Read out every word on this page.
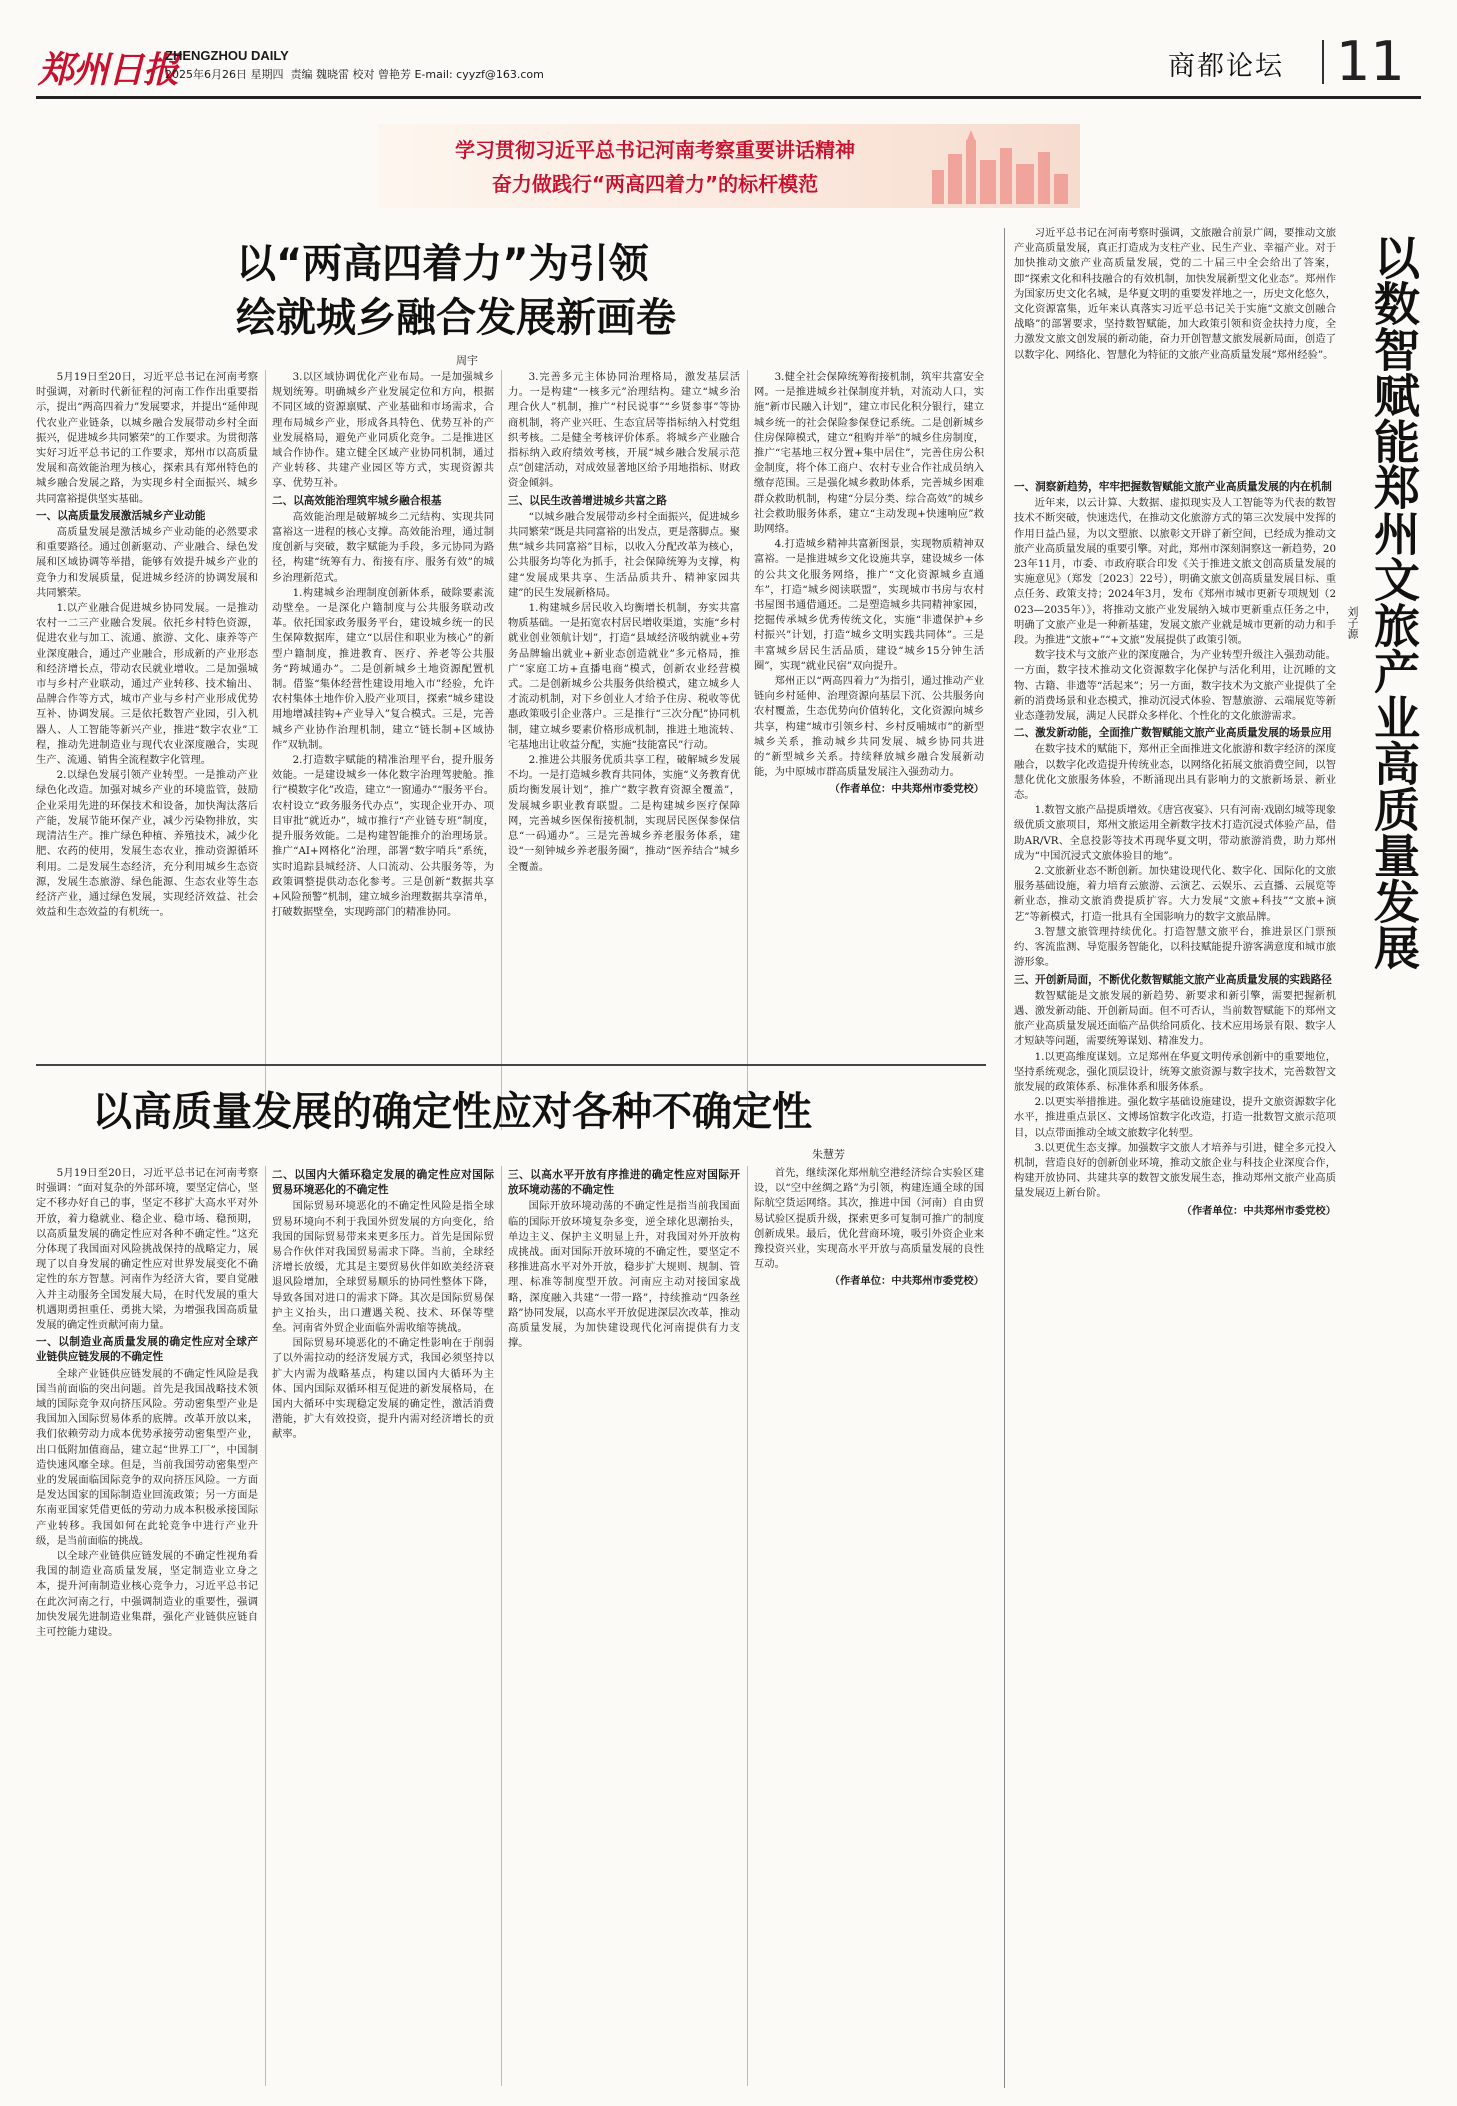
郑州日报
ZHENGZHOU DAILY
2025年6月26日 星期四 责编 魏晓雷 校对 曾艳芳 E-mail: cyyzf@163.com	商都论坛 11
学习贯彻习近平总书记河南考察重要讲话精神
奋力做践行“两高四着力”的标杆模范
以“两高四着力”为引领
绘就城乡融合发展新画卷
周宇

5月19日至20日，习近平总书记在河南考察时强调，对新时代新征程的河南工作作出重要指示，提出“两高四着力”发展要求，并提出“延伸现代农业产业链条，以城乡融合发展带动乡村全面振兴，促进城乡共同繁荣”的工作要求。为贯彻落实好习近平总书记的工作要求，郑州市以高质量发展和高效能治理为核心，探索具有郑州特色的城乡融合发展之路，为实现乡村全面振兴、城乡共同富裕提供坚实基础。

一、以高质量发展激活城乡产业动能

高质量发展是激活城乡产业动能的必然要求和重要路径。通过创新驱动、产业融合、绿色发展和区域协调等举措，能够有效提升城乡产业的竞争力和发展质量，促进城乡经济的协调发展和共同繁荣。

1.以产业融合促进城乡协同发展。一是推动农村一二三产业融合发展。依托乡村特色资源，促进农业与加工、流通、旅游、文化、康养等产业深度融合，通过产业融合，形成新的产业形态和经济增长点，带动农民就业增收。二是加强城市与乡村产业联动，通过产业转移、技术输出、品牌合作等方式，城市产业与乡村产业形成优势互补、协调发展。三是依托数智产业园，引入机器人、人工智能等新兴产业，推进“数字农业”工程，推动先进制造业与现代农业深度融合，实现生产、流通、销售全流程数字化管理。

2.以绿色发展引领产业转型。一是推动产业绿色化改造。加强对城乡产业的环境监管，鼓励企业采用先进的环保技术和设备，加快淘汰落后产能，发展节能环保产业，减少污染物排放，实现清洁生产。推广绿色种植、养殖技术，减少化肥、农药的使用，发展生态农业，推动资源循环利用。二是发展生态经济，充分利用城乡生态资源，发展生态旅游、绿色能源、生态农业等生态经济产业，通过绿色发展，实现经济效益、社会效益和生态效益的有机统一。

3.以区域协调优化产业布局。一是加强城乡规划统筹。明确城乡产业发展定位和方向，根据不同区域的资源禀赋、产业基础和市场需求，合理布局城乡产业，形成各具特色、优势互补的产业发展格局，避免产业同质化竞争。二是推进区域合作协作。建立健全区域产业协同机制，通过产业转移、共建产业园区等方式，实现资源共享、优势互补。

二、以高效能治理筑牢城乡融合根基

高效能治理是破解城乡二元结构、实现共同富裕这一进程的核心支撑。高效能治理，通过制度创新与突破，数字赋能为手段，多元协同为路径，构建“统筹有力、衔接有序、服务有效”的城乡治理新范式。

1.构建城乡治理制度创新体系，破除要素流动壁垒。一是深化户籍制度与公共服务联动改革。依托国家政务服务平台，建设城乡统一的民生保障数据库，建立“以居住和职业为核心”的新型户籍制度，推进教育、医疗、养老等公共服务“跨城通办”。二是创新城乡土地资源配置机制。借鉴“集体经营性建设用地入市”经验，允许农村集体土地作价入股产业项目，探索“城乡建设用地增减挂钩+产业导入”复合模式。三是，完善城乡产业协作治理机制，建立“链长制+区域协作”双轨制。

2.打造数字赋能的精准治理平台，提升服务效能。一是建设城乡一体化数字治理驾驶舱。推行“模数字化”改造，建立“一窗通办”“服务平台。农村设立“政务服务代办点”，实现企业开办、项目审批“就近办”，城市推行“产业链专班”制度，提升服务效能。二是构建智能推介的治理场景。推广“AI+网格化”治理，部署“数字哨兵”系统，实时追踪县城经济、人口流动、公共服务等，为政策调整提供动态化参考。三是创新“数据共享+风险预警”机制，建立城乡治理数据共享清单，打破数据壁垒，实现跨部门的精准协同。

3.完善多元主体协同治理格局，激发基层活力。一是构建“一核多元”治理结构。建立“城乡治理合伙人”机制，推广“村民说事”“乡贤参事”等协商机制，将产业兴旺、生态宜居等指标纳入村党组织考核。二是健全考核评价体系。将城乡产业融合指标纳入政府绩效考核，开展“城乡融合发展示范点”创建活动，对成效显著地区给予用地指标、财政资金倾斜。

三、以民生改善增进城乡共富之路

“以城乡融合发展带动乡村全面振兴，促进城乡共同繁荣”既是共同富裕的出发点，更是落脚点。聚焦“城乡共同富裕”目标，以收入分配改革为核心，公共服务均等化为抓手，社会保障统筹为支撑，构建“发展成果共享、生活品质共升、精神家园共建”的民生发展新格局。

1.构建城乡居民收入均衡增长机制，夯实共富物质基础。一是拓宽农村居民增收渠道，实施“乡村就业创业领航计划”，打造“县域经济吸纳就业+劳务品牌输出就业+新业态创造就业”多元格局，推广“家庭工坊+直播电商”模式，创新农业经营模式。二是创新城乡公共服务供给模式，建立城乡人才流动机制，对下乡创业人才给予住房、税收等优惠政策吸引企业落户。三是推行“三次分配”协同机制，建立城乡要素价格形成机制，推进土地流转、宅基地出让收益分配，实施“技能富民”行动。

2.推进公共服务优质共享工程，破解城乡发展不均。一是打造城乡教育共同体，实施“义务教育优质均衡发展计划”，推广“数字教育资源全覆盖”，发展城乡职业教育联盟。二是构建城乡医疗保障网，完善城乡医保衔接机制，实现居民医保参保信息“一码通办”。三是完善城乡养老服务体系，建设“一刻钟城乡养老服务圈”，推动“医养结合”城乡全覆盖。

3.健全社会保障统筹衔接机制，筑牢共富安全网。一是推进城乡社保制度并轨，对流动人口，实施“新市民融入计划”，建立市民化积分银行，建立城乡统一的社会保险参保登记系统。二是创新城乡住房保障模式，建立“租购并举”的城乡住房制度，推广“宅基地三权分置+集中居住”，完善住房公积金制度，将个体工商户、农村专业合作社成员纳入缴存范围。三是强化城乡救助体系，完善城乡困难群众救助机制，构建“分层分类、综合高效”的城乡社会救助服务体系，建立“主动发现+快速响应”救助网络。

4.打造城乡精神共富新图景，实现物质精神双富裕。一是推进城乡文化设施共享，建设城乡一体的公共文化服务网络，推广“文化资源城乡直通车”，打造“城乡阅读联盟”，实现城市书房与农村书屋图书通借通还。二是塑造城乡共同精神家园，挖掘传承城乡优秀传统文化，实施“非遗保护+乡村振兴”计划，打造“城乡文明实践共同体”。三是丰富城乡居民生活品质，建设“城乡15分钟生活圈”，实现“就业民宿”双向提升。

郑州正以“两高四着力”为指引，通过推动产业链向乡村延伸、治理资源向基层下沉、公共服务向农村覆盖，生态优势向价值转化，文化资源向城乡共享，构建“城市引领乡村、乡村反哺城市”的新型城乡关系，推动城乡共同发展、城乡协同共进的“新型城乡关系。持续释放城乡融合发展新动能，为中原城市群高质量发展注入强劲动力。

（作者单位：中共郑州市委党校）
以高质量发展的确定性应对各种不确定性
朱慧芳

5月19日至20日，习近平总书记在河南考察时强调：“面对复杂的外部环境，要坚定信心，坚定不移办好自己的事，坚定不移扩大高水平对外开放，着力稳就业、稳企业、稳市场、稳预期，以高质量发展的确定性应对各种不确定性。”这充分体现了我国面对风险挑战保持的战略定力，展现了以自身发展的确定性应对世界发展变化不确定性的东方智慧。河南作为经济大省，要自觉融入并主动服务全国发展大局，在时代发展的重大机遇期勇担重任、勇挑大梁，为增强我国高质量发展的确定性贡献河南力量。

一、以制造业高质量发展的确定性应对全球产业链供应链发展的不确定性

全球产业链供应链发展的不确定性风险是我国当前面临的突出问题。首先是我国战略技术领域的国际竞争双向挤压风险。劳动密集型产业是我国加入国际贸易体系的底牌。改革开放以来，我们依赖劳动力成本优势承接劳动密集型产业，出口低附加值商品，建立起“世界工厂”，中国制造快速风靡全球。但是，当前我国劳动密集型产业的发展面临国际竞争的双向挤压风险。一方面是发达国家的国际制造业回流政策；另一方面是东南亚国家凭借更低的劳动力成本积极承接国际产业转移。我国如何在此轮竞争中进行产业升级，是当前面临的挑战。

以全球产业链供应链发展的不确定性视角看我国的制造业高质量发展，坚定制造业立身之本，提升河南制造业核心竞争力，习近平总书记在此次河南之行，中强调制造业的重要性，强调加快发展先进制造业集群，强化产业链供应链自主可控能力建设。

二、以国内大循环稳定发展的确定性应对国际贸易环境恶化的不确定性

国际贸易环境恶化的不确定性风险是指全球贸易环境向不利于我国外贸发展的方向变化，给我国的国际贸易带来来更多压力。首先是国际贸易合作伙伴对我国贸易需求下降。当前，全球经济增长放缓，尤其是主要贸易伙伴如欧美经济衰退风险增加，全球贸易顺乐的协同性整体下降，导致各国对进口的需求下降。其次是国际贸易保护主义抬头，出口遭遇关税、技术、环保等壁垒。河南省外贸企业面临外需收缩等挑战。

国际贸易环境恶化的不确定性影响在于削弱了以外需拉动的经济发展方式，我国必须坚持以扩大内需为战略基点，构建以国内大循环为主体、国内国际双循环相互促进的新发展格局，在国内大循环中实现稳定发展的确定性，激活消费潜能，扩大有效投资，提升内需对经济增长的贡献率。

三、以高水平开放有序推进的确定性应对国际开放环境动荡的不确定性

国际开放环境动荡的不确定性是指当前我国面临的国际开放环境复杂多变，逆全球化思潮抬头，单边主义、保护主义明显上升，对我国对外开放构成挑战。面对国际开放环境的不确定性，要坚定不移推进高水平对外开放，稳步扩大规则、规制、管理、标准等制度型开放。河南应主动对接国家战略，深度融入共建“一带一路”，持续推动“四条丝路”协同发展，以高水平开放促进深层次改革，推动高质量发展，为加快建设现代化河南提供有力支撑。

首先，继续深化郑州航空港经济综合实验区建设，以“空中丝绸之路”为引领，构建连通全球的国际航空货运网络。其次，推进中国（河南）自由贸易试验区提质升级，探索更多可复制可推广的制度创新成果。最后，优化营商环境，吸引外资企业来豫投资兴业，实现高水平开放与高质量发展的良性互动。

（作者单位：中共郑州市委党校）

习近平总书记在河南考察时强调，文旅融合前景广阔，要推动文旅产业高质量发展，真正打造成为支柱产业、民生产业、幸福产业。对于加快推动文旅产业高质量发展，党的二十届三中全会给出了答案，即“探索文化和科技融合的有效机制，加快发展新型文化业态”。郑州作为国家历史文化名城，是华夏文明的重要发祥地之一，历史文化悠久，文化资源富集，近年来认真落实习近平总书记关于实施“文旅文创融合战略”的部署要求，坚持数智赋能，加大政策引领和资金扶持力度，全力激发文旅文创发展的新动能，奋力开创智慧文旅发展新局面，创造了以数字化、网络化、智慧化为特征的文旅产业高质量发展“郑州经验”。 以数智赋能郑州文旅产业高质量发展
刘子源
一、洞察新趋势，牢牢把握数智赋能文旅产业高质量发展的内在机制

近年来，以云计算、大数据、虚拟现实及人工智能等为代表的数智技术不断突破，快速迭代，在推动文化旅游方式的第三次发展中发挥的作用日益凸显，为以文塑旅、以旅彰文开辟了新空间，已经成为推动文旅产业高质量发展的重要引擎。对此，郑州市深刻洞察这一新趋势，2023年11月，市委、市政府联合印发《关于推进文旅文创高质量发展的实施意见》（郑发〔2023〕22号），明确文旅文创高质量发展目标、重点任务、政策支持；2024年3月，发布《郑州市城市更新专项规划（2023—2035年）》，将推动文旅产业发展纳入城市更新重点任务之中，明确了文旅产业是一种新基建，发展文旅产业就是城市更新的动力和手段。为推进“文旅+”“+文旅”发展提供了政策引领。

数字技术与文旅产业的深度融合，为产业转型升级注入强劲动能。一方面，数字技术推动文化资源数字化保护与活化利用，让沉睡的文物、古籍、非遗等“活起来”；另一方面，数字技术为文旅产业提供了全新的消费场景和业态模式，推动沉浸式体验、智慧旅游、云端展览等新业态蓬勃发展，满足人民群众多样化、个性化的文化旅游需求。

二、激发新动能，全面推广数智赋能文旅产业高质量发展的场景应用

在数字技术的赋能下，郑州正全面推进文化旅游和数字经济的深度融合，以数字化改造提升传统业态，以网络化拓展文旅消费空间，以智慧化优化文旅服务体验，不断涌现出具有影响力的文旅新场景、新业态。

1.数智文旅产品提质增效。《唐宫夜宴》、只有河南·戏剧幻城等现象级优质文旅项目，郑州文旅运用全新数字技术打造沉浸式体验产品，借助AR/VR、全息投影等技术再现华夏文明，带动旅游消费，助力郑州成为“中国沉浸式文旅体验目的地”。

2.文旅新业态不断创新。加快建设现代化、数字化、国际化的文旅服务基础设施，着力培育云旅游、云演艺、云娱乐、云直播、云展览等新业态，推动文旅消费提质扩容。大力发展“文旅+科技”“文旅+演艺”等新模式，打造一批具有全国影响力的数字文旅品牌。

3.智慧文旅管理持续优化。打造智慧文旅平台，推进景区门票预约、客流监测、导览服务智能化，以科技赋能提升游客满意度和城市旅游形象。

三、开创新局面，不断优化数智赋能文旅产业高质量发展的实践路径

数智赋能是文旅发展的新趋势、新要求和新引擎，需要把握新机遇、激发新动能、开创新局面。但不可否认，当前数智赋能下的郑州文旅产业高质量发展还面临产品供给同质化、技术应用场景有限、数字人才短缺等问题，需要统筹谋划、精准发力。

1.以更高维度谋划。立足郑州在华夏文明传承创新中的重要地位，坚持系统观念，强化顶层设计，统筹文旅资源与数字技术，完善数智文旅发展的政策体系、标准体系和服务体系。

2.以更实举措推进。强化数字基础设施建设，提升文旅资源数字化水平，推进重点景区、文博场馆数字化改造，打造一批数智文旅示范项目，以点带面推动全域文旅数字化转型。

3.以更优生态支撑。加强数字文旅人才培养与引进，健全多元投入机制，营造良好的创新创业环境，推动文旅企业与科技企业深度合作，构建开放协同、共建共享的数智文旅发展生态，推动郑州文旅产业高质量发展迈上新台阶。

（作者单位：中共郑州市委党校）
